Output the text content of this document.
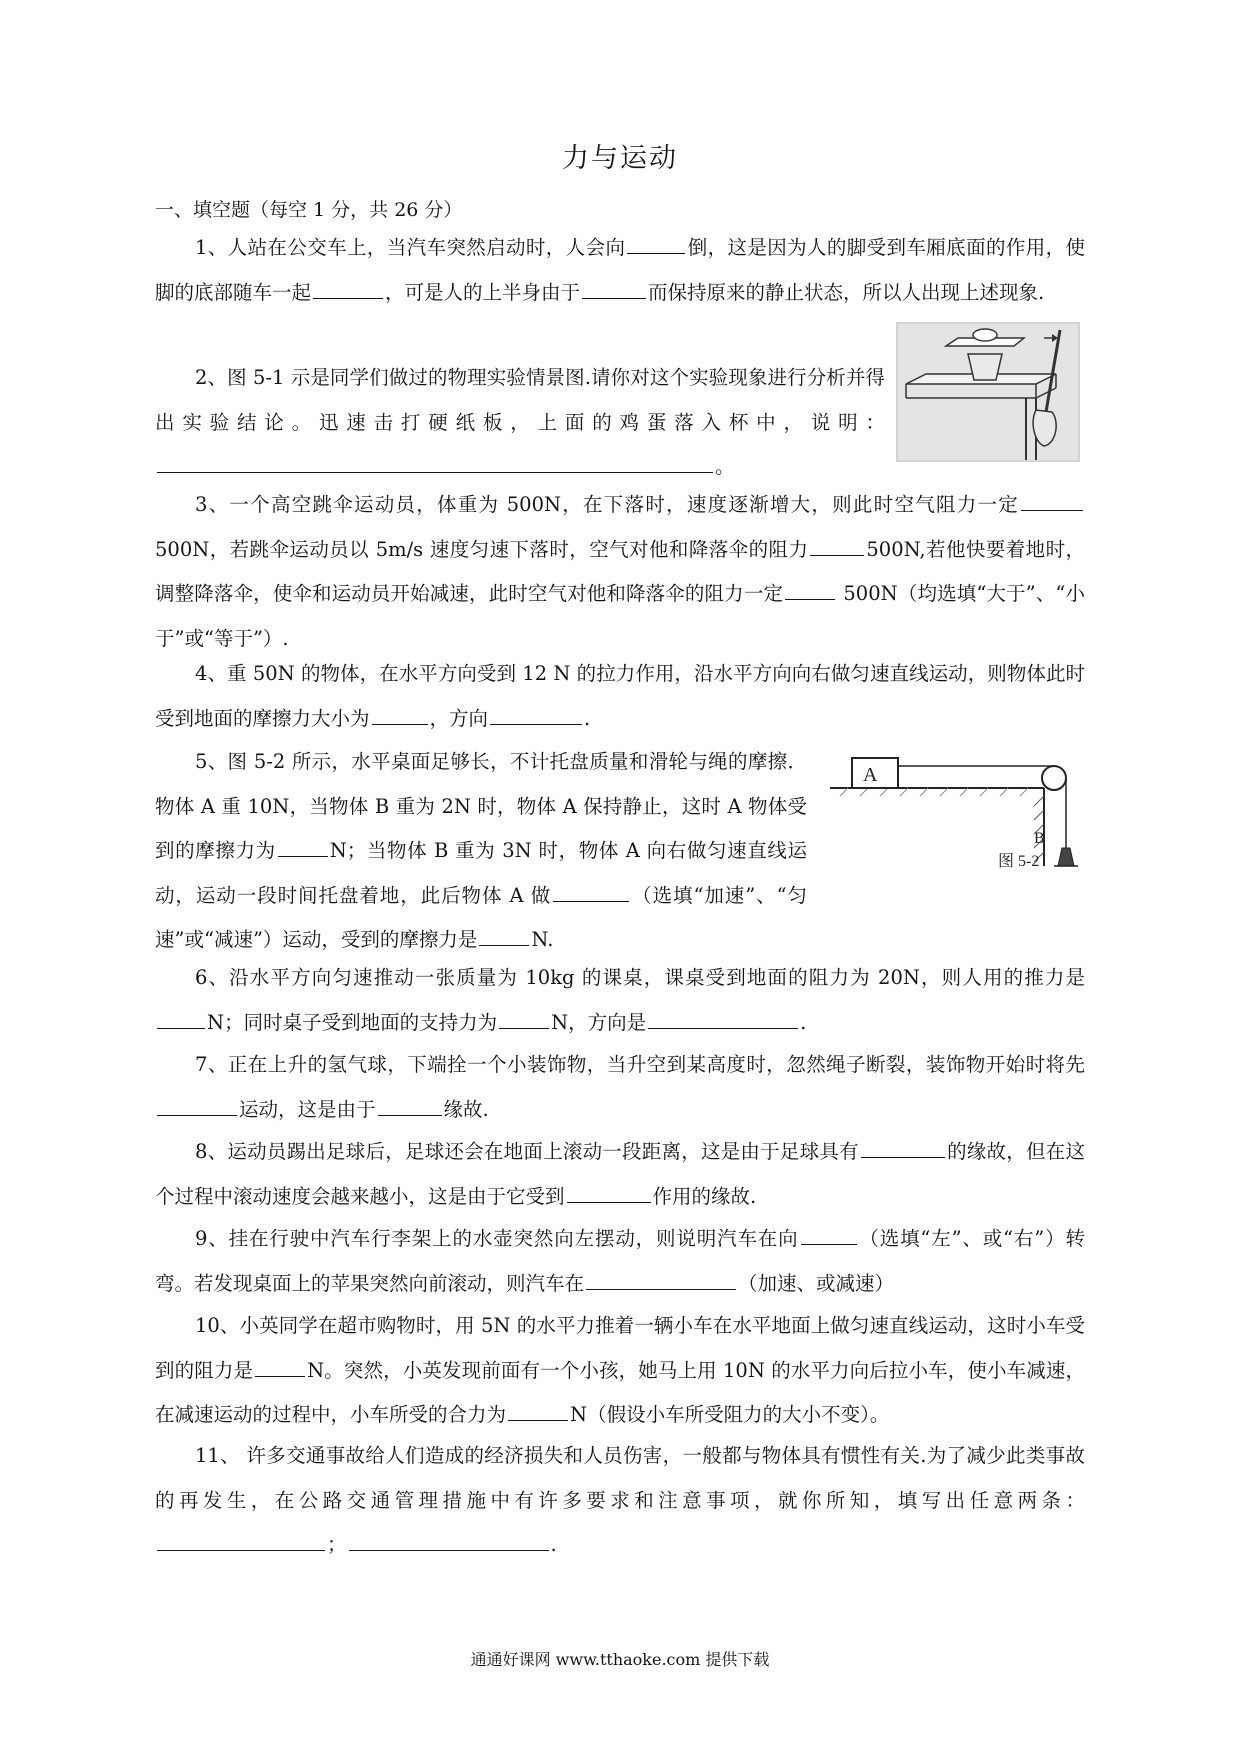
力与运动
一、填空题（每空 1 分，共 26 分）
1、人站在公交车上，当汽车突然启动时，人会向	倒，这是因为人的脚受到车厢底面的作用，使脚的底部随车一起	，可是人的上半身由于	而保持原来的静止状态，所以人出现上述现象.
2、图 5-1 示是同学们做过的物理实验情景图.请你对这个实验现象进行分析并得出实验结论。迅速击打硬纸板，上面的鸡蛋落入杯中，说明：。
3、一个高空跳伞运动员，体重为 500N，在下落时，速度逐渐增大，则此时空气阻力一定500N，若跳伞运动员以 5m/s 速度匀速下落时，空气对他和降落伞的阻力	500N,若他快要着地时，调整降落伞，使伞和运动员开始减速，此时空气对他和降落伞的阻力一定	500N（均选填“大于”、“小于”或“等于”）.
4、重 50N 的物体，在水平方向受到 12 N 的拉力作用，沿水平方向向右做匀速直线运动，则物体此时受到地面的摩擦力大小为	，方向	.
A
图 5-2
B
5、图 5-2 所示，水平桌面足够长，不计托盘质量和滑轮与绳的摩擦．物体 A 重 10N，当物体 B 重为 2N 时，物体 A 保持静止，这时 A 物体受到的摩擦力为	N；当物体 B 重为 3N 时，物体 A 向右做匀速直线运动，运动一段时间托盘着地，此后物体 A 做	（选填“加速”、“匀速”或“减速”）运动，受到的摩擦力是	N.
6、沿水平方向匀速推动一张质量为 10kg 的课桌，课桌受到地面的阻力为 20N，则人用的推力是N；同时桌子受到地面的支持力为	N，方向是	.
7、正在上升的氢气球，下端拴一个小装饰物，当升空到某高度时，忽然绳子断裂，装饰物开始时将先运动，这是由于	缘故.
8、运动员踢出足球后，足球还会在地面上滚动一段距离，这是由于足球具有	的缘故，但在这个过程中滚动速度会越来越小，这是由于它受到	作用的缘故.
9、挂在行驶中汽车行李架上的水壶突然向左摆动，则说明汽车在向	（选填“左”、或“右”）转弯。若发现桌面上的苹果突然向前滚动，则汽车在	（加速、或减速）
10、小英同学在超市购物时，用 5N 的水平力推着一辆小车在水平地面上做匀速直线运动，这时小车受到的阻力是	N。突然，小英发现前面有一个小孩，她马上用 10N 的水平力向后拉小车，使小车减速，在减速运动的过程中，小车所受的合力为	N（假设小车所受阻力的大小不变）。
11、 许多交通事故给人们造成的经济损失和人员伤害，一般都与物体具有惯性有关.为了减少此类事故的再发生，在公路交通管理措施中有许多要求和注意事项，就你所知，填写出任意两条：；	.
通通好课网 www.tthaoke.com 提供下载
